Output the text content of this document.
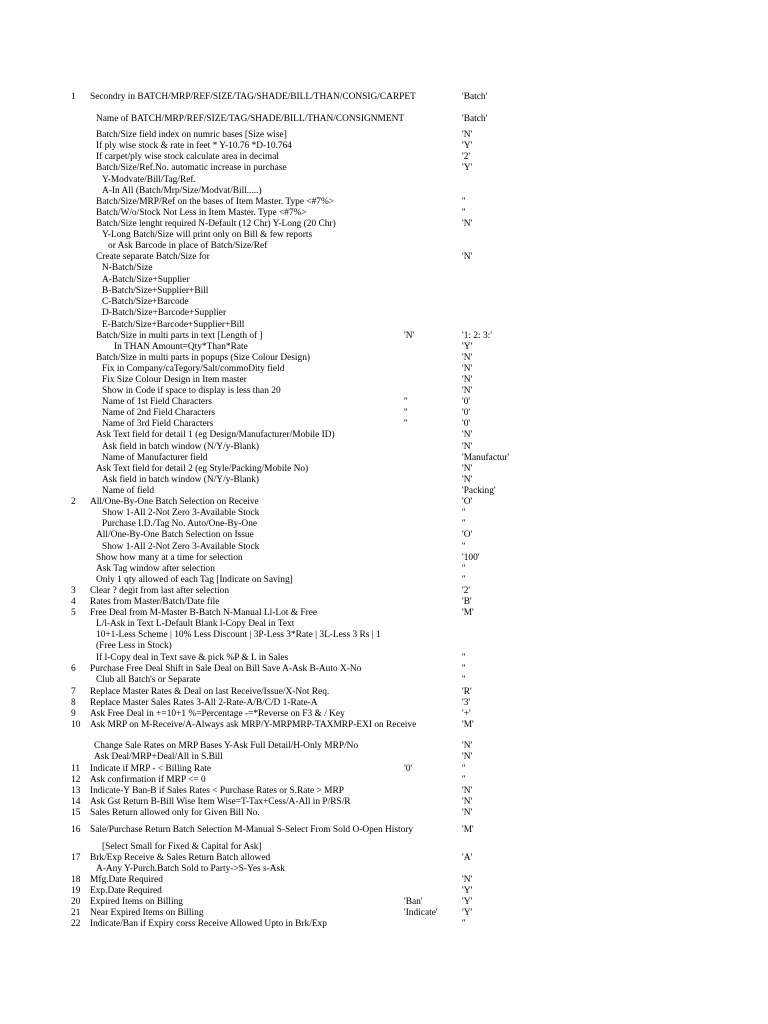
1 Secondry in BATCH/MRP/REF/SIZE/TAG/SHADE/BILL/THAN/CONSIG/CARPET	'Batch'
Name of BATCH/MRP/REF/SIZE/TAG/SHADE/BILL/THAN/CONSIGNMENT	'Batch'
Batch/Size field index on numric bases [Size wise]	'N'
If ply wise stock & rate in feet * Y-10.76 *D-10.764	'Y'
If carpet/ply wise stock calculate area in decimal	'2'
Batch/Size/Ref.No. automatic increase in purchase	'Y'
Y-Modvate/Bill/Tag/Ref.
A-In All (Batch/Mrp/Size/Modvat/Bill.....)
Batch/Size/MRP/Ref on the bases of Item Master. Type <#7%>	''
Batch/W/o/Stock Not Less in Item Master. Type <#7%>	''
Batch/Size lenght required N-Default (12 Chr) Y-Long (20 Chr)	'N'
Y-Long Batch/Size will print only on Bill & few reports
or Ask Barcode in place of Batch/Size/Ref
Create separate Batch/Size for	'N'
N-Batch/Size
A-Batch/Size+Supplier
B-Batch/Size+Supplier+Bill
C-Batch/Size+Barcode
D-Batch/Size+Barcode+Supplier
E-Batch/Size+Barcode+Supplier+Bill
Batch/Size in multi parts in text [Length of ]	'N'	'1: 2: 3:'
In THAN Amount=Qty*Than*Rate	'Y'
Batch/Size in multi parts in popups (Size Colour Design)	'N'
Fix in Company/caTegory/Salt/commoDity field	'N'
Fix Size Colour Design in Item master	'N'
Show in Code if space to display is less than 20	'N'
Name of 1st Field Characters	''	'0'
Name of 2nd Field Characters	''	'0'
Name of 3rd Field Characters	''	'0'
Ask Text field for detail 1 (eg Design/Manufacturer/Mobile ID)	'N'
Ask field in batch window (N/Y/y-Blank)	'N'
Name of Manufacturer field	'Manufactur'
Ask Text field for detail 2 (eg Style/Packing/Mobile No)	'N'
Ask field in batch window (N/Y/y-Blank)	'N'
Name of field	'Packing'
2 All/One-By-One Batch Selection on Receive	'O'
Show 1-All 2-Not Zero 3-Available Stock	''
Purchase I.D./Tag No. Auto/One-By-One	''
All/One-By-One Batch Selection on Issue	'O'
Show 1-All 2-Not Zero 3-Available Stock	''
Show how many at a time for selection	'100'
Ask Tag window after selection	''
Only 1 qty allowed of each Tag [Indicate on Saving]	''
3 Clear ? degit from last after selection	'2'
4 Rates from Master/Batch/Date file	'B'
5 Free Deal from M-Master B-Batch N-Manual Ll-Lot & Free	'M'
L/l-Ask in Text L-Default Blank l-Copy Deal in Text
10+1-Less Scheme | 10% Less Discount | 3P-Less 3*Rate | 3L-Less 3 Rs | 1 (Free Less in Stock)
If l-Copy deal in Text save & pick %P & L in Sales	''
6 Purchase Free Deal Shift in Sale Deal on Bill Save A-Ask B-Auto X-No	''
Club all Batch's or Separate	''
7 Replace Master Rates & Deal on last Receive/Issue/X-Not Req.	'R'
8 Replace Master Sales Rates 3-All 2-Rate-A/B/C/D 1-Rate-A	'3'
9 Ask Free Deal in +=10+1 %=Percentage -=*Reverse on F3 & / Key	'+'
10 Ask MRP on M-Receive/A-Always ask MRP/Y-MRPMRP-TAXMRP-EXI on Receive	'M'
Change Sale Rates on MRP Bases Y-Ask Full Detail/H-Only MRP/No	'N'
Ask Deal/MRP+Deal/All in S.Bill	'N'
11 Indicate if MRP - < Billing Rate	'0'	''
12 Ask confirmation if MRP <= 0	''
13 Indicate-Y Ban-B if Sales Rates < Purchase Rates or S.Rate > MRP	'N'
14 Ask Gst Return B-Bill Wise Item Wise=T-Tax+Cess/A-All in P/RS/R	'N'
15 Sales Return allowed only for Given Bill No.	'N'
16 Sale/Purchase Return Batch Selection M-Manual S-Select From Sold O-Open History	'M'
[Select Small for Fixed & Capital for Ask]
17 Brk/Exp Receive & Sales Return Batch allowed	'A'
A-Any Y-Purch.Batch Sold to Party->S-Yes s-Ask
18 Mfg.Date Required	'N'
19 Exp.Date Required	'Y'
20 Expired Items on Billing	'Ban'	'Y'
21 Near Expired Items on Billing	'Indicate'	'Y'
22 Indicate/Ban if Expiry corss Receive Allowed Upto in Brk/Exp	''
